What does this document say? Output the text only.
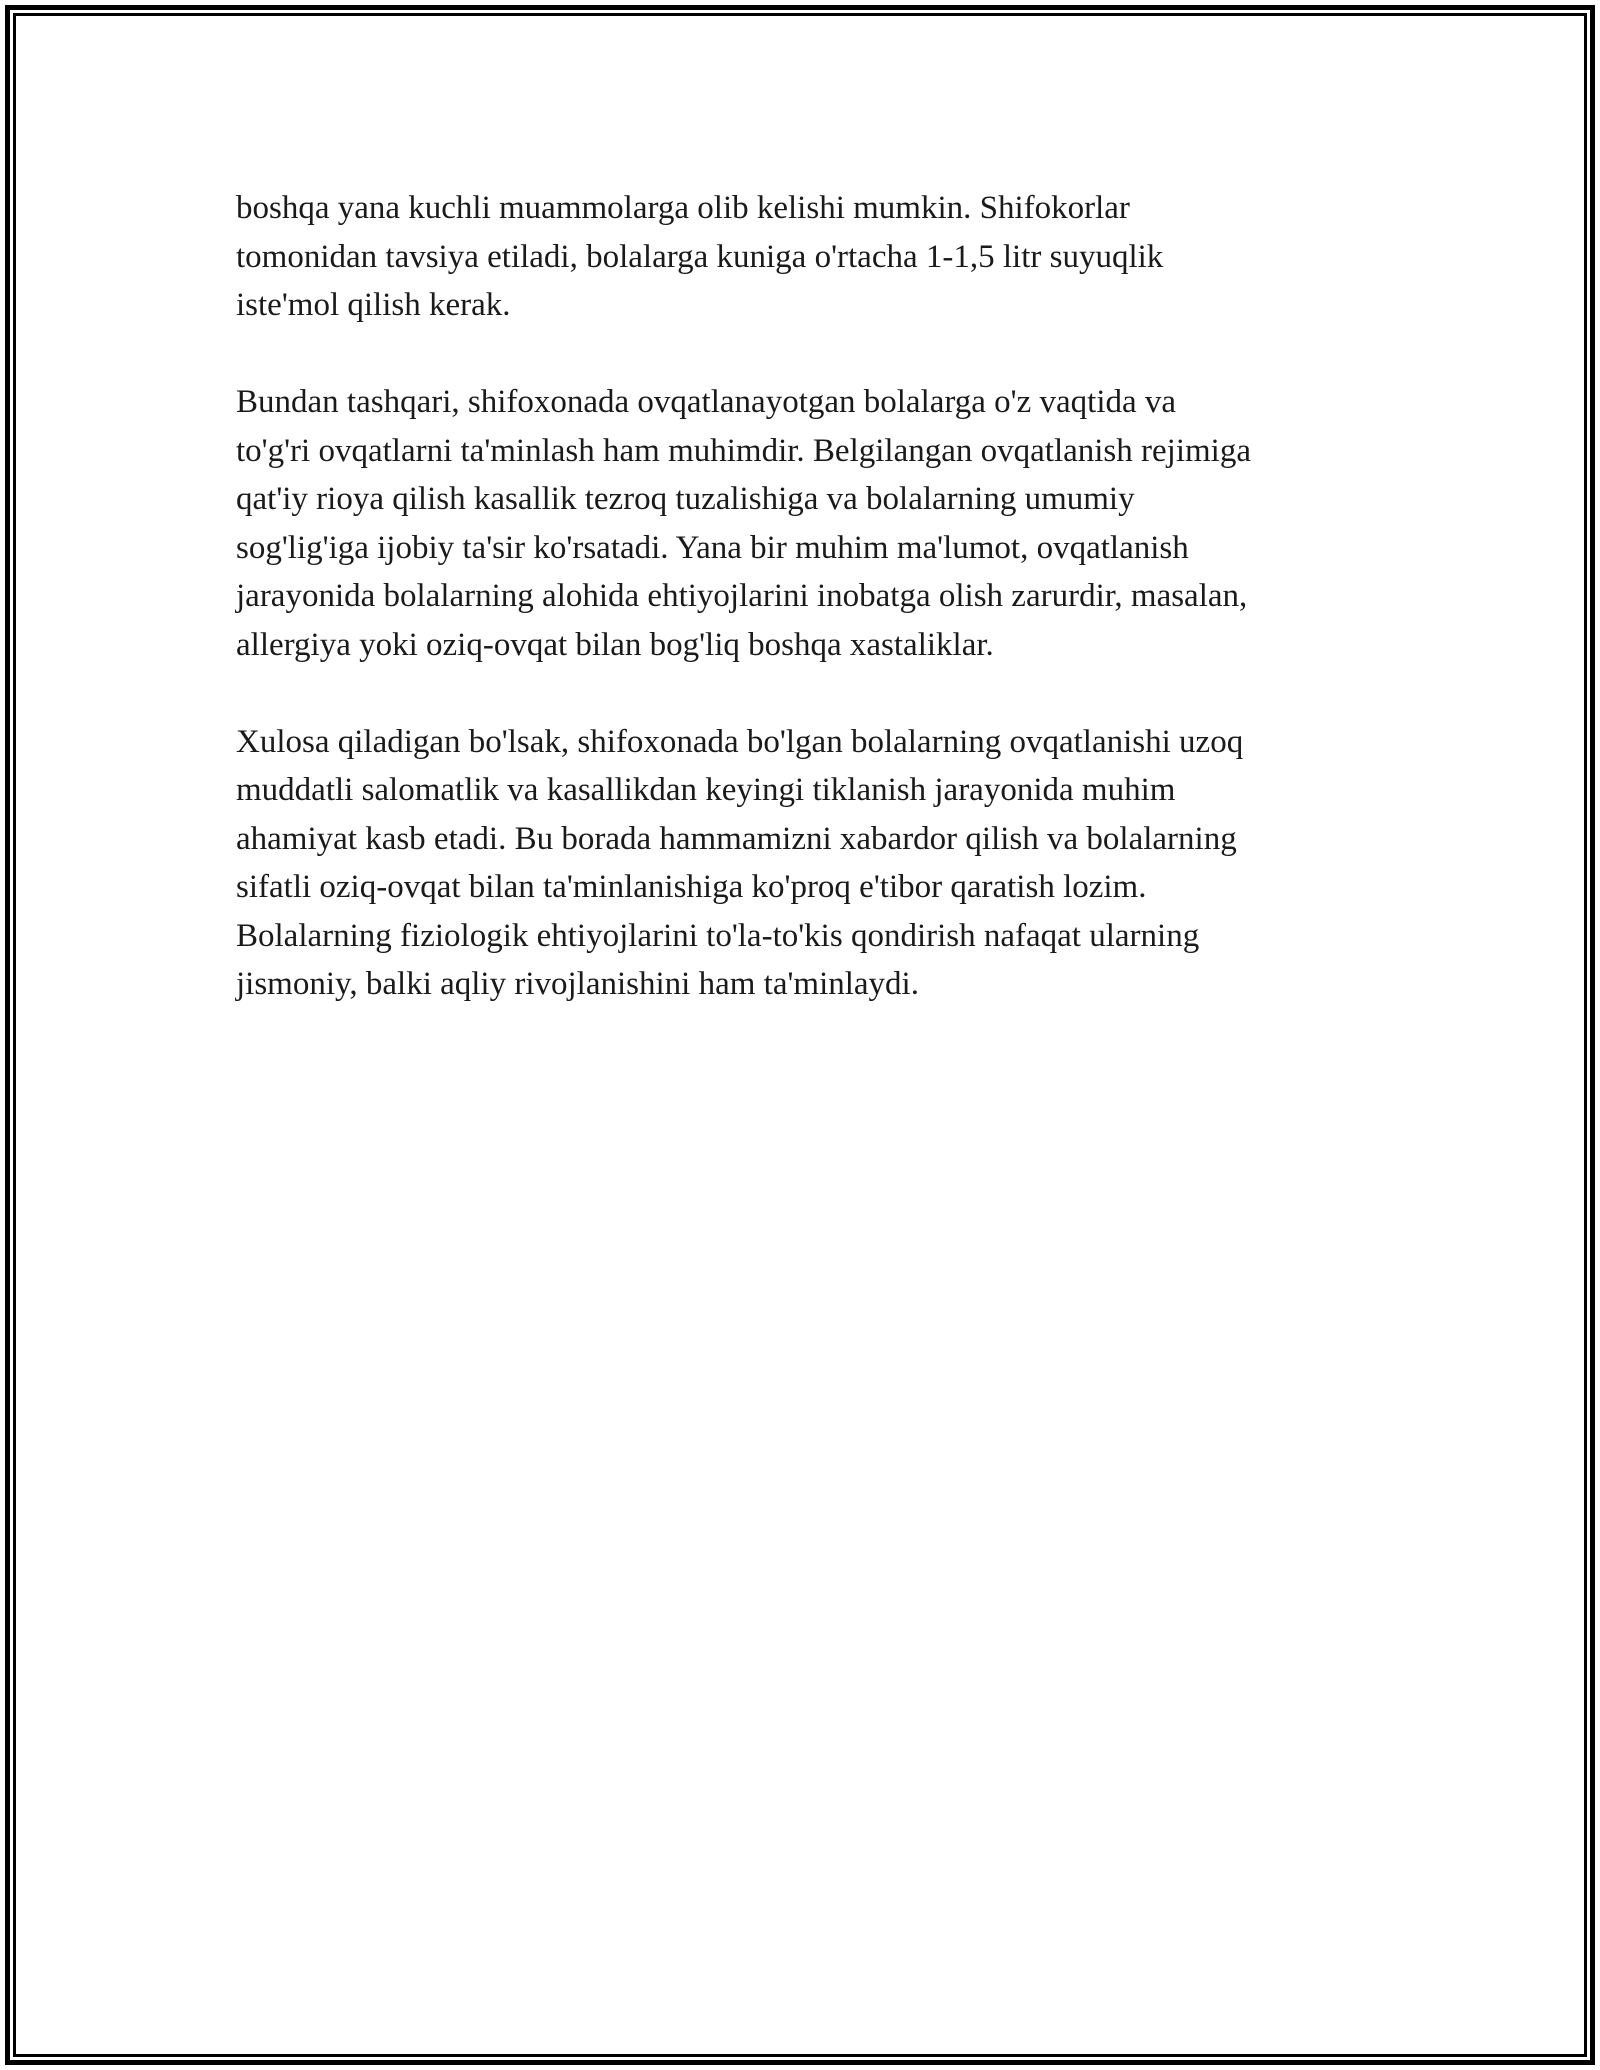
boshqa yana kuchli muammolarga olib kelishi mumkin. Shifokorlar
tomonidan tavsiya etiladi, bolalarga kuniga o'rtacha 1-1,5 litr suyuqlik
iste'mol qilish kerak.

Bundan tashqari, shifoxonada ovqatlanayotgan bolalarga o'z vaqtida va
to'g'ri ovqatlarni ta'minlash ham muhimdir. Belgilangan ovqatlanish rejimiga
qat'iy rioya qilish kasallik tezroq tuzalishiga va bolalarning umumiy
sog'lig'iga ijobiy ta'sir ko'rsatadi. Yana bir muhim ma'lumot, ovqatlanish
jarayonida bolalarning alohida ehtiyojlarini inobatga olish zarurdir, masalan,
allergiya yoki oziq-ovqat bilan bog'liq boshqa xastaliklar.

Xulosa qiladigan bo'lsak, shifoxonada bo'lgan bolalarning ovqatlanishi uzoq
muddatli salomatlik va kasallikdan keyingi tiklanish jarayonida muhim
ahamiyat kasb etadi. Bu borada hammamizni xabardor qilish va bolalarning
sifatli oziq-ovqat bilan ta'minlanishiga ko'proq e'tibor qaratish lozim.
Bolalarning fiziologik ehtiyojlarini to'la-to'kis qondirish nafaqat ularning
jismoniy, balki aqliy rivojlanishini ham ta'minlaydi.
